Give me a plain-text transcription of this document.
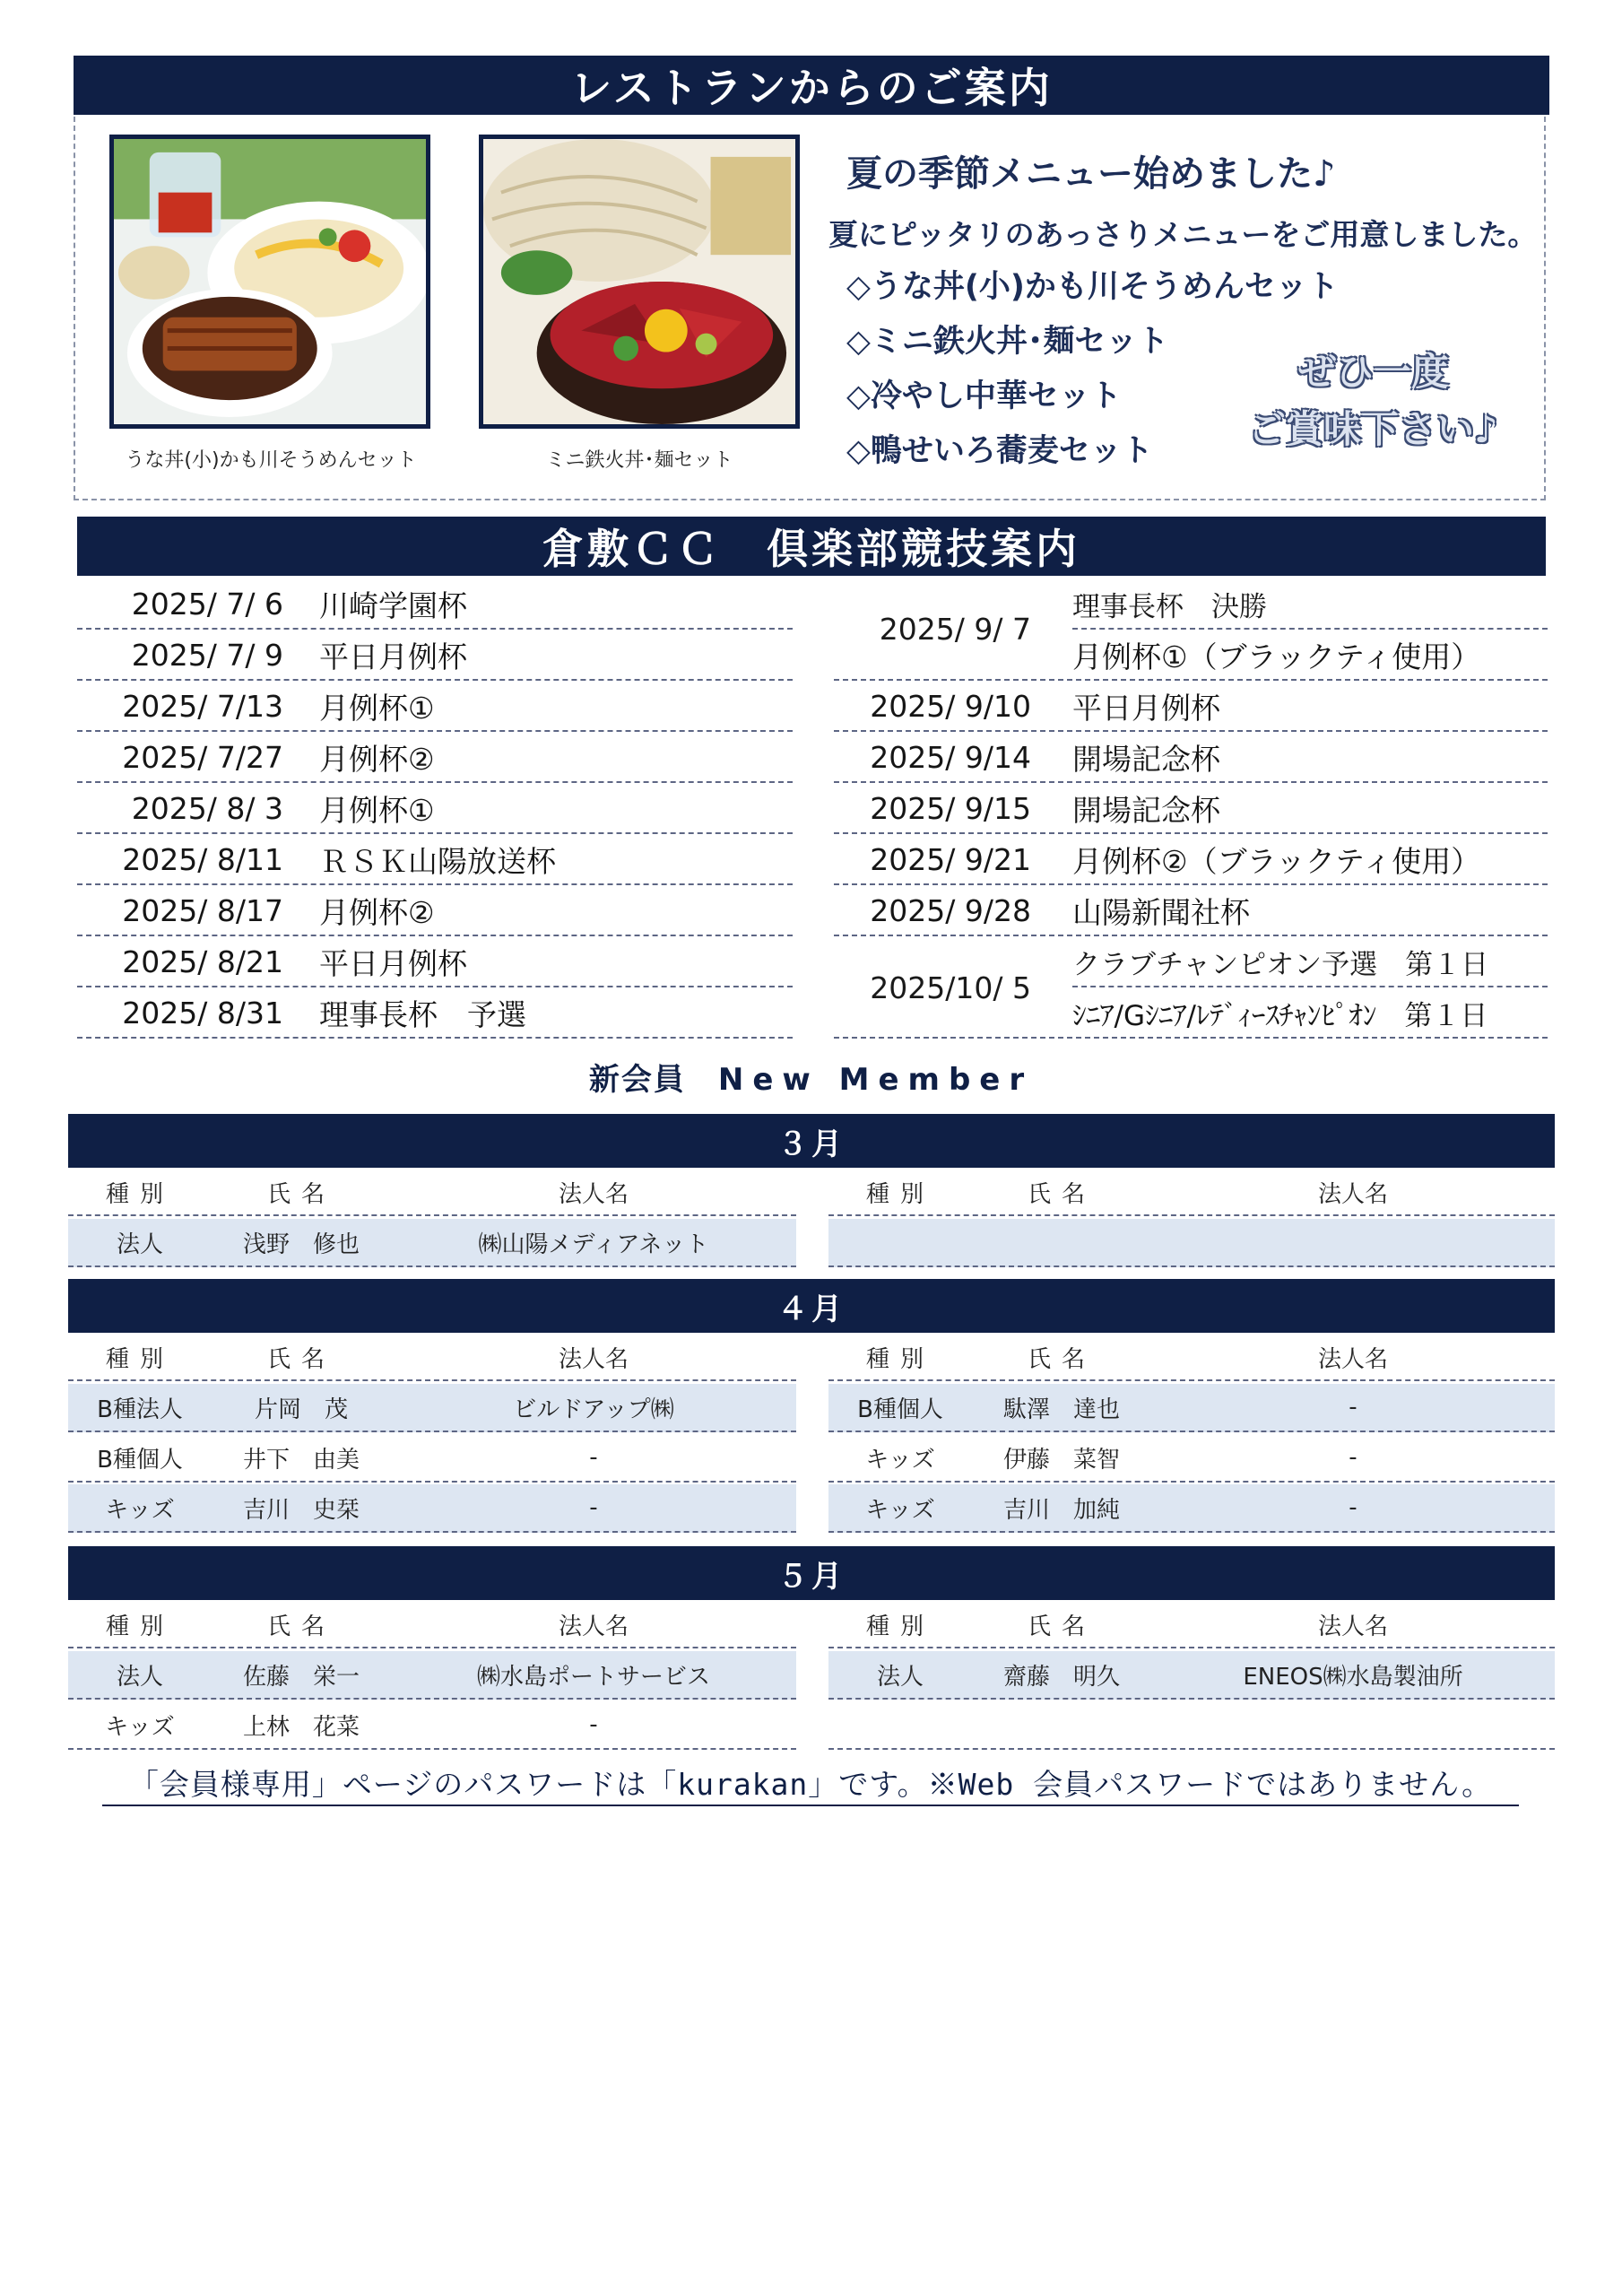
レストランからのご案内
うな丼(小)かも川そうめんセット	ミニ鉄火丼･麺セット
夏の季節メニュー始めました♪
夏にピッタリのあっさりメニューをご用意しました。
◇うな丼(小)かも川そうめんセット
◇ミニ鉄火丼･麺セット
◇冷やし中華セット
◇鴨せいろ蕎麦セット
ぜひ一度
ご賞味下さい♪
倉敷ＣＣ　倶楽部競技案内
2025/ 7/ 6 川崎学園杯
2025/ 7/ 9 平日月例杯
2025/ 7/13 月例杯①
2025/ 7/27 月例杯②
2025/ 8/ 3 月例杯①
2025/ 8/11 ＲＳＫ山陽放送杯
2025/ 8/17 月例杯②
2025/ 8/21 平日月例杯
2025/ 8/31 理事長杯　予選
2025/ 9/ 7
理事長杯　決勝
月例杯①（ブラックティ使用）
2025/ 9/10 平日月例杯
2025/ 9/14 開場記念杯
2025/ 9/15 開場記念杯
2025/ 9/21 月例杯②（ブラックティ使用）
2025/ 9/28 山陽新聞社杯
2025/10/ 5
クラブチャンピオン予選　第１日
ｼﾆｱ/Gｼﾆｱ/ﾚﾃﾞｨｰｽﾁｬﾝﾋﾟｵﾝ　第１日
新会員 New Member
３月
種別	氏名	法人名	種別	氏名	法人名
法人	浅野　修也	㈱山陽メディアネット
４月
種別	氏名	法人名	種別	氏名	法人名
B種法人	片岡　茂	ビルドアップ㈱	B種個人	駄澤　達也	-
B種個人	井下　由美	-	キッズ	伊藤　菜智	-
キッズ	吉川　史栞	-	キッズ	吉川　加純	-
５月
種別	氏名	法人名	種別	氏名	法人名
法人	佐藤　栄一	㈱水島ポートサービス	法人	齋藤　明久	ENEOS㈱水島製油所
キッズ	上林　花菜	-
「会員様専用」ページのパスワードは「kurakan」です。※Web 会員パスワードではありません。
